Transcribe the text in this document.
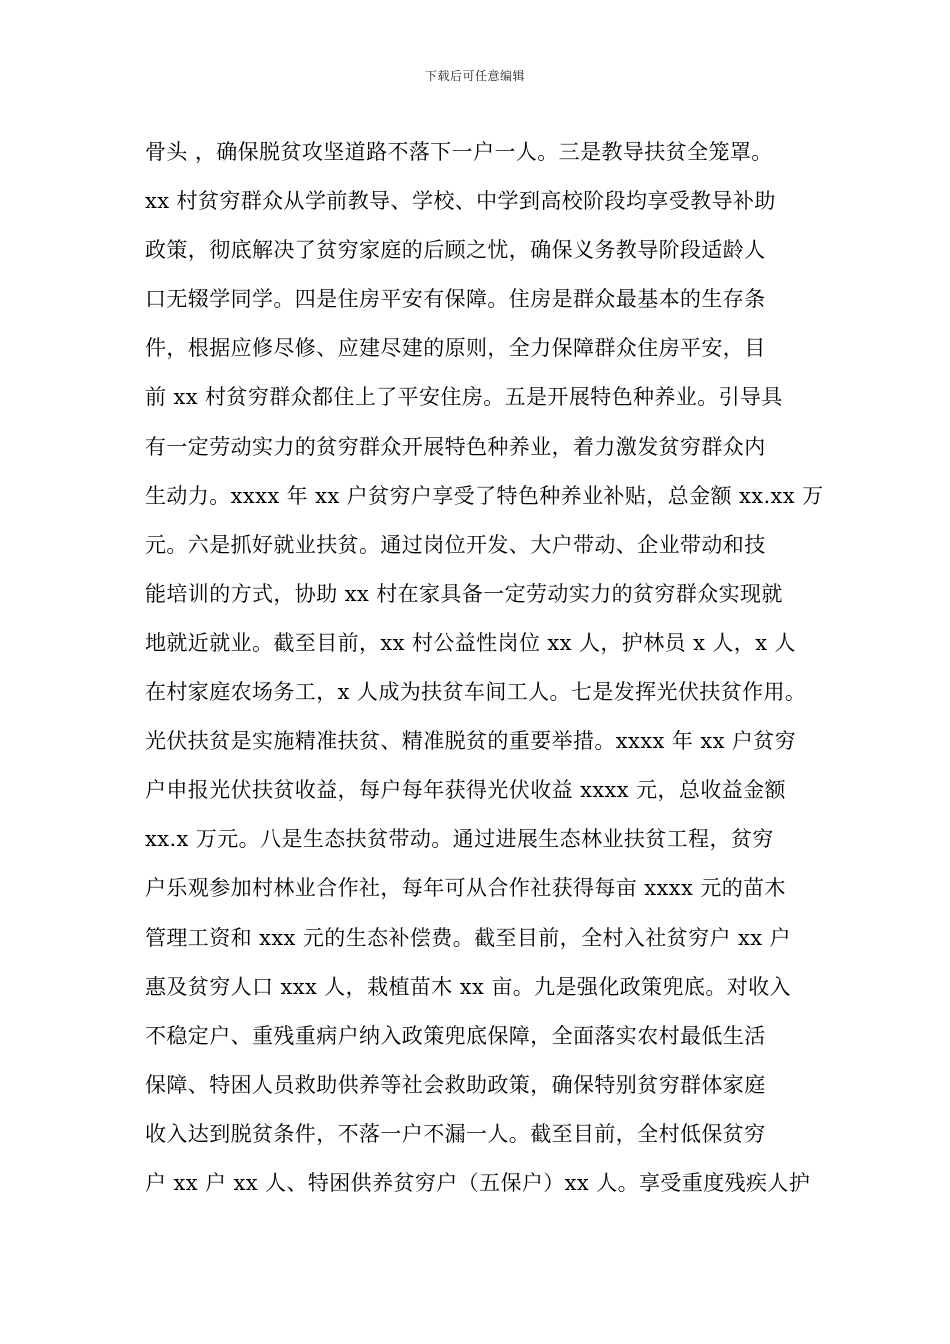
下载后可任意编辑
骨头 ，确保脱贫攻坚道路不落下一户一人。三是教导扶贫全笼罩。
xx 村贫穷群众从学前教导、学校、中学到高校阶段均享受教导补助
政策，彻底解决了贫穷家庭的后顾之忧，确保义务教导阶段适龄人
口无辍学同学。四是住房平安有保障。住房是群众最基本的生存条
件，根据应修尽修、应建尽建的原则，全力保障群众住房平安，目
前 xx 村贫穷群众都住上了平安住房。五是开展特色种养业。引导具
有一定劳动实力的贫穷群众开展特色种养业，着力激发贫穷群众内
生动力。xxxx 年 xx 户贫穷户享受了特色种养业补贴，总金额 xx.xx 万
元。六是抓好就业扶贫。通过岗位开发、大户带动、企业带动和技
能培训的方式，协助 xx 村在家具备一定劳动实力的贫穷群众实现就
地就近就业。截至目前，xx 村公益性岗位 xx 人，护林员 x 人，x 人
在村家庭农场务工，x 人成为扶贫车间工人。七是发挥光伏扶贫作用。
光伏扶贫是实施精准扶贫、精准脱贫的重要举措。xxxx 年 xx 户贫穷
户申报光伏扶贫收益，每户每年获得光伏收益 xxxx 元，总收益金额
xx.x 万元。八是生态扶贫带动。通过进展生态林业扶贫工程，贫穷
户乐观参加村林业合作社，每年可从合作社获得每亩 xxxx 元的苗木
管理工资和 xxx 元的生态补偿费。截至目前，全村入社贫穷户 xx 户
惠及贫穷人口 xxx 人，栽植苗木 xx 亩。九是强化政策兜底。对收入
不稳定户、重残重病户纳入政策兜底保障，全面落实农村最低生活
保障、特困人员救助供养等社会救助政策，确保特别贫穷群体家庭
收入达到脱贫条件，不落一户不漏一人。截至目前，全村低保贫穷
户 xx 户 xx 人、特困供养贫穷户（五保户）xx 人。享受重度残疾人护
